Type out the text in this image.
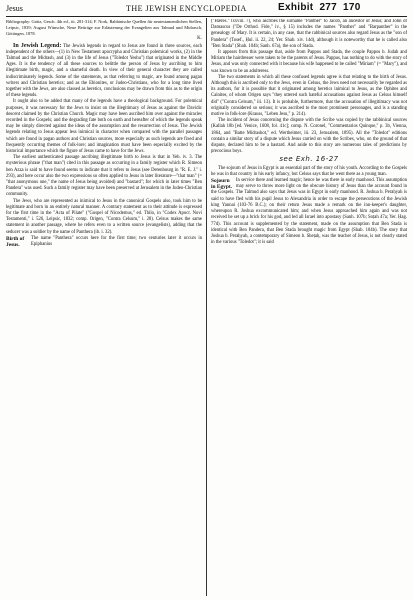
Jesus	THE JEWISH ENCYCLOPEDIA	Exhibit 277 170

Bibliography: Grätz, Gesch. 4th ed., iii. 281-314; F. Nork, Rabbinische Quellen für neutestamentlichen Stellen, Leipsic, 1839; August Wünsche, Neue Beiträge zur Erläuterung der Evangelien aus Talmud und Midrasch, Göttingen, 1878.

K.

In Jewish Legend: The Jewish legends in regard to Jesus are found in three sources, each independent of the others—(1) in New Testament apocrypha and Christian polemical works, (2) in the Talmud and the Midrash, and (3) in the life of Jesus ("Toledot Yeshu") that originated in the Middle Ages. It is the tendency of all these sources to belittle the person of Jesus by ascribing to him illegitimate birth, magic, and a shameful death. In view of their general character they are called indiscriminately legends. Some of the statements, as that referring to magic, are found among pagan writers and Christian heretics; and as the Ebionites, or Judeo-Christians, who for a long time lived together with the Jews, are also classed as heretics, conclusions may be drawn from this as to the origin of these legends.

It ought also to be added that many of the legends have a theological background. For polemical purposes, it was necessary for the Jews to insist on the illegitimacy of Jesus as against the Davidic descent claimed by the Christian Church. Magic may have been ascribed him over against the miracles recorded in the Gospels; and the degrading fate both on earth and hereafter of which the legends speak may be simply directed against the ideas of the assumption and the resurrection of Jesus. The Jewish legends relating to Jesus appear less inimical in character when compared with the parallel passages which are found in pagan authors and Christian sources, more especially as such legends are fixed and frequently occurring themes of folk-lore; and imagination must have been especially excited by the historical importance which the figure of Jesus came to have for the Jews.

The earliest authenticated passage ascribing illegitimate birth to Jesus is that in Yeb. iv. 3. The mysterious phrase ("that man") cited in this passage as occurring in a family register which R. Simeon ben Azza is said to have found seems to indicate that it refers to Jesus (see Derenbourg in "R. E. J." i. 293), and here occur also the two expressions so often applied to Jesus in later literature—"that man" (= "that anonymous one," the name of Jesus being avoided) and "bastard"; for which in later times "Ben Pandera" was used. Such a family register may have been preserved at Jerusalem in the Judeo-Christian community.

The Jews, who are represented as inimical to Jesus in the canonical Gospels also, took him to be legitimate and born in an entirely natural manner. A contrary statement as to their attitude is expressed for the first time in the "Acta of Pilate" ("Gospel of Nicodemus," ed. Thilo, in "Codex Apocr. Novi Testamenti," i. 526, Leipsic, 1832; comp. Origen, "Contra Celsum," i. 28). Celsus makes the same statement in another passage, where he refers even to a written source (evangelists), adding that the seducer was a soldier by the name of Panthera (ib. i. 32).

Birth of Jesus.
The name "Panthera" occurs here for the first time; two centuries later it occurs in Epiphanius

("Hæres." lxxviii. 7), who ascribes the surname "Panther" to Jacob, an ancestor of Jesus; and John of Damascus ("De Orthod. Fide," iv., § 15) includes the names "Panther" and "Barpanther" in the genealogy of Mary. It is certain, in any case, that the rabbinical sources also regard Jesus as the "son of Pandera" (Tosef., Ḥul. ii. 22, 24; Yer. Shab. xiv. 14d), although it is noteworthy that he is called also "Ben Stada" (Shab. 104b; Sanh. 67a), the son of Stada.

It appears from this passage that, aside from Pappos and Stada, the couple Pappos b. Judah and Miriam the hairdresser were taken to be the parents of Jesus. Pappus, has nothing to do with the story of Jesus, and was only connected with it because his wife happened to be called "Miriam" (= "Mary"), and was known to be an adulteress.

The two statements in which all these confused legends agree is that relating to the birth of Jesus. Although this is ascribed only to the Jews, even in Celsus, the Jews need not necessarily be regarded as its authors, for it is possible that it originated among heretics inimical to Jesus, as the Ophites and Cainites, of whom Origen says "they uttered such hateful accusations against Jesus as Celsus himself did" ("Contra Celsum," iii. 13). It is probable, furthermore, that the accusation of illegitimacy was not originally considered so serious; it was ascribed to the most prominent personages, and is a standing motive in folk-lore (Krauss, "Leben Jesu," p. 214).

The incident of Jesus concerning the dispute with the Scribe was copied by the rabbinical sources (Kallah 18b [ed. Venice, 1608, fol. 41c]; comp. N. Coronel, "Commentarios Quinque," p. 3b, Vienna, 1864, and "Batte Midrashot," ed. Wertheimer, iii. 23, Jerusalem, 1895). All the "Toledot" editions contain a similar story of a dispute which Jesus carried on with the Scribes, who, on the ground of that dispute, declared him to be a bastard. And aside to this story are numerous tales of predictions by precocious boys.

see Exh. 16-27

The sojourn of Jesus in Egypt is an essential part of the story of his youth. According to the Gospels he was in that country in his early infancy, but Celsus says that he went there as a young man.

Sojourn in Egypt.
In service there and learned magic; hence he was there in early manhood. This assumption may serve to throw more light on the obscure history of Jesus than the account found in the Gospels. The Talmud also says that Jesus was in Egypt in early manhood. R. Joshua b. Peraḥyah is said to have fled with his pupil Jesus to Alexandria in order to escape the persecutions of the Jewish king Yannai (103-76 B.C.); on their return Jesus made a remark on the inn-keeper's daughter, whereupon R. Joshua excommunicated him; and when Jesus approached him again and was not received he set up a brick for his god, and led all Israel into apostasy (Sanh. 107b; Soṭah 47a; Yer. Ḥag. 77d). This account is supplemented by the statement, made on the assumption that Ben Stada is identical with Ben Pandera, that Ben Stada brought magic from Egypt (Shab. 104b). The story that Joshua b. Peraḥyah, a contemporary of Simeon b. Sheṭaḥ, was the teacher of Jesus, is not clearly stated in the various "Toledot"; it is said
